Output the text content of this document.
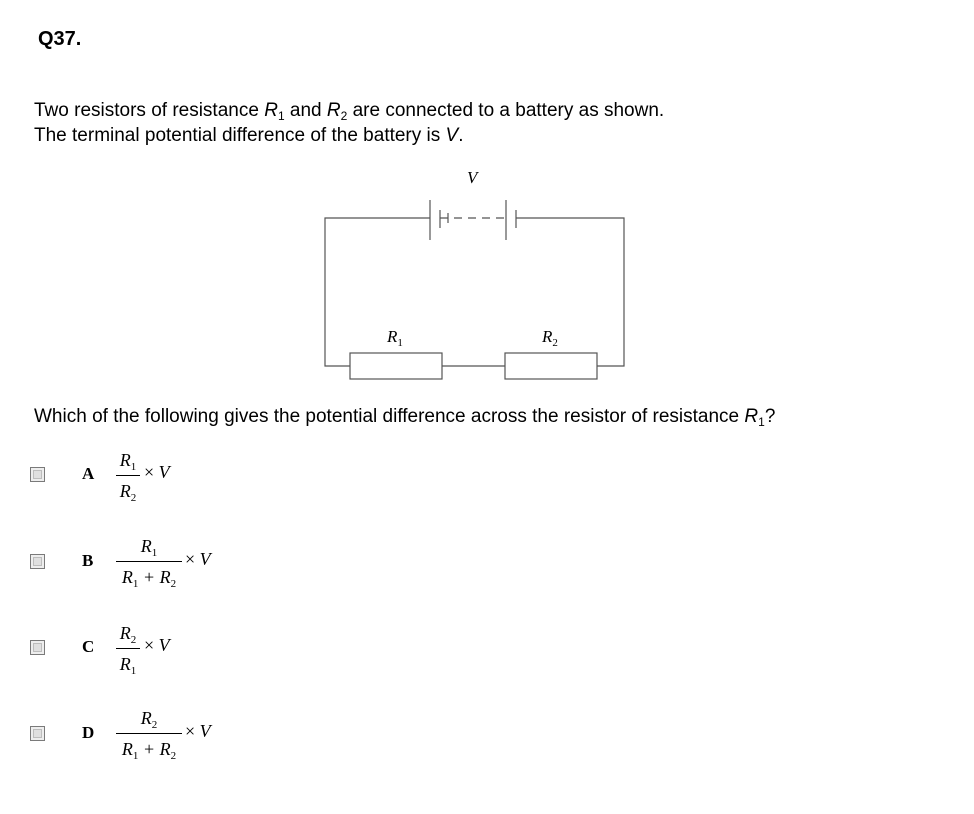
Q37.
Two resistors of resistance $R_1$ and $R_2$ are connected to a battery as shown.
The terminal potential difference of the battery is V.
V
$R_1$	$R_2$
Which of the following gives the potential difference across the resistor of resistance $R_1$?
A
$R_1$
$R_2$
× V
B
$R_1$
$R_1 + R_2$
× V
C
$R_2$
$R_1$
× V
D
$R_2$
$R_1 + R_2$
× V
